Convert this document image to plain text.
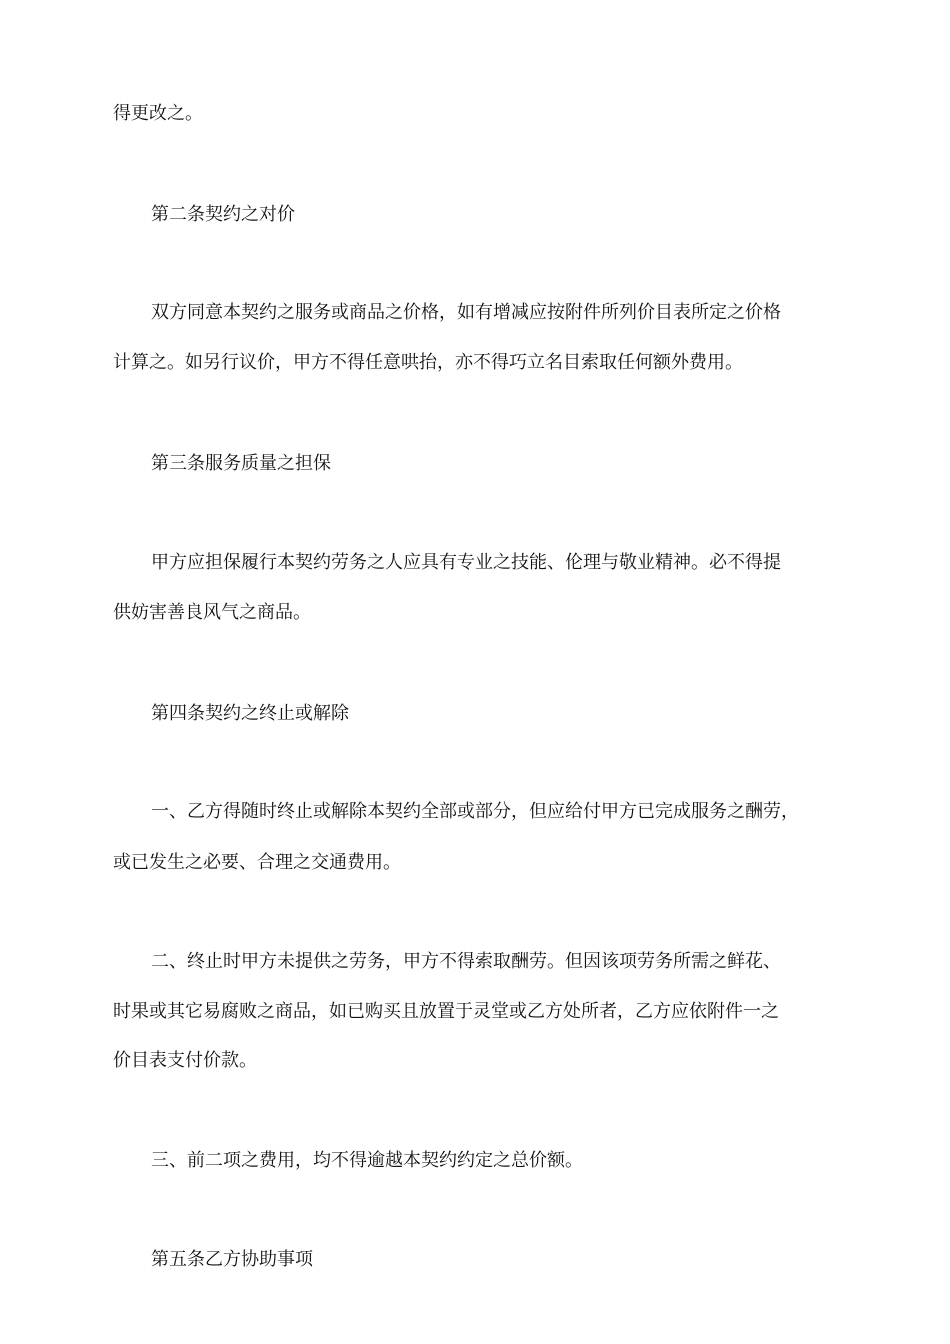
得更改之。
第二条契约之对价
双方同意本契约之服务或商品之价格，如有增减应按附件所列价目表所定之价格
计算之。如另行议价，甲方不得任意哄抬，亦不得巧立名目索取任何额外费用。
第三条服务质量之担保
甲方应担保履行本契约劳务之人应具有专业之技能、伦理与敬业精神。必不得提
供妨害善良风气之商品。
第四条契约之终止或解除
一、乙方得随时终止或解除本契约全部或部分，但应给付甲方已完成服务之酬劳，
或已发生之必要、合理之交通费用。
二、终止时甲方未提供之劳务，甲方不得索取酬劳。但因该项劳务所需之鲜花、
时果或其它易腐败之商品，如已购买且放置于灵堂或乙方处所者，乙方应依附件一之
价目表支付价款。
三、前二项之费用，均不得逾越本契约约定之总价额。
第五条乙方协助事项
